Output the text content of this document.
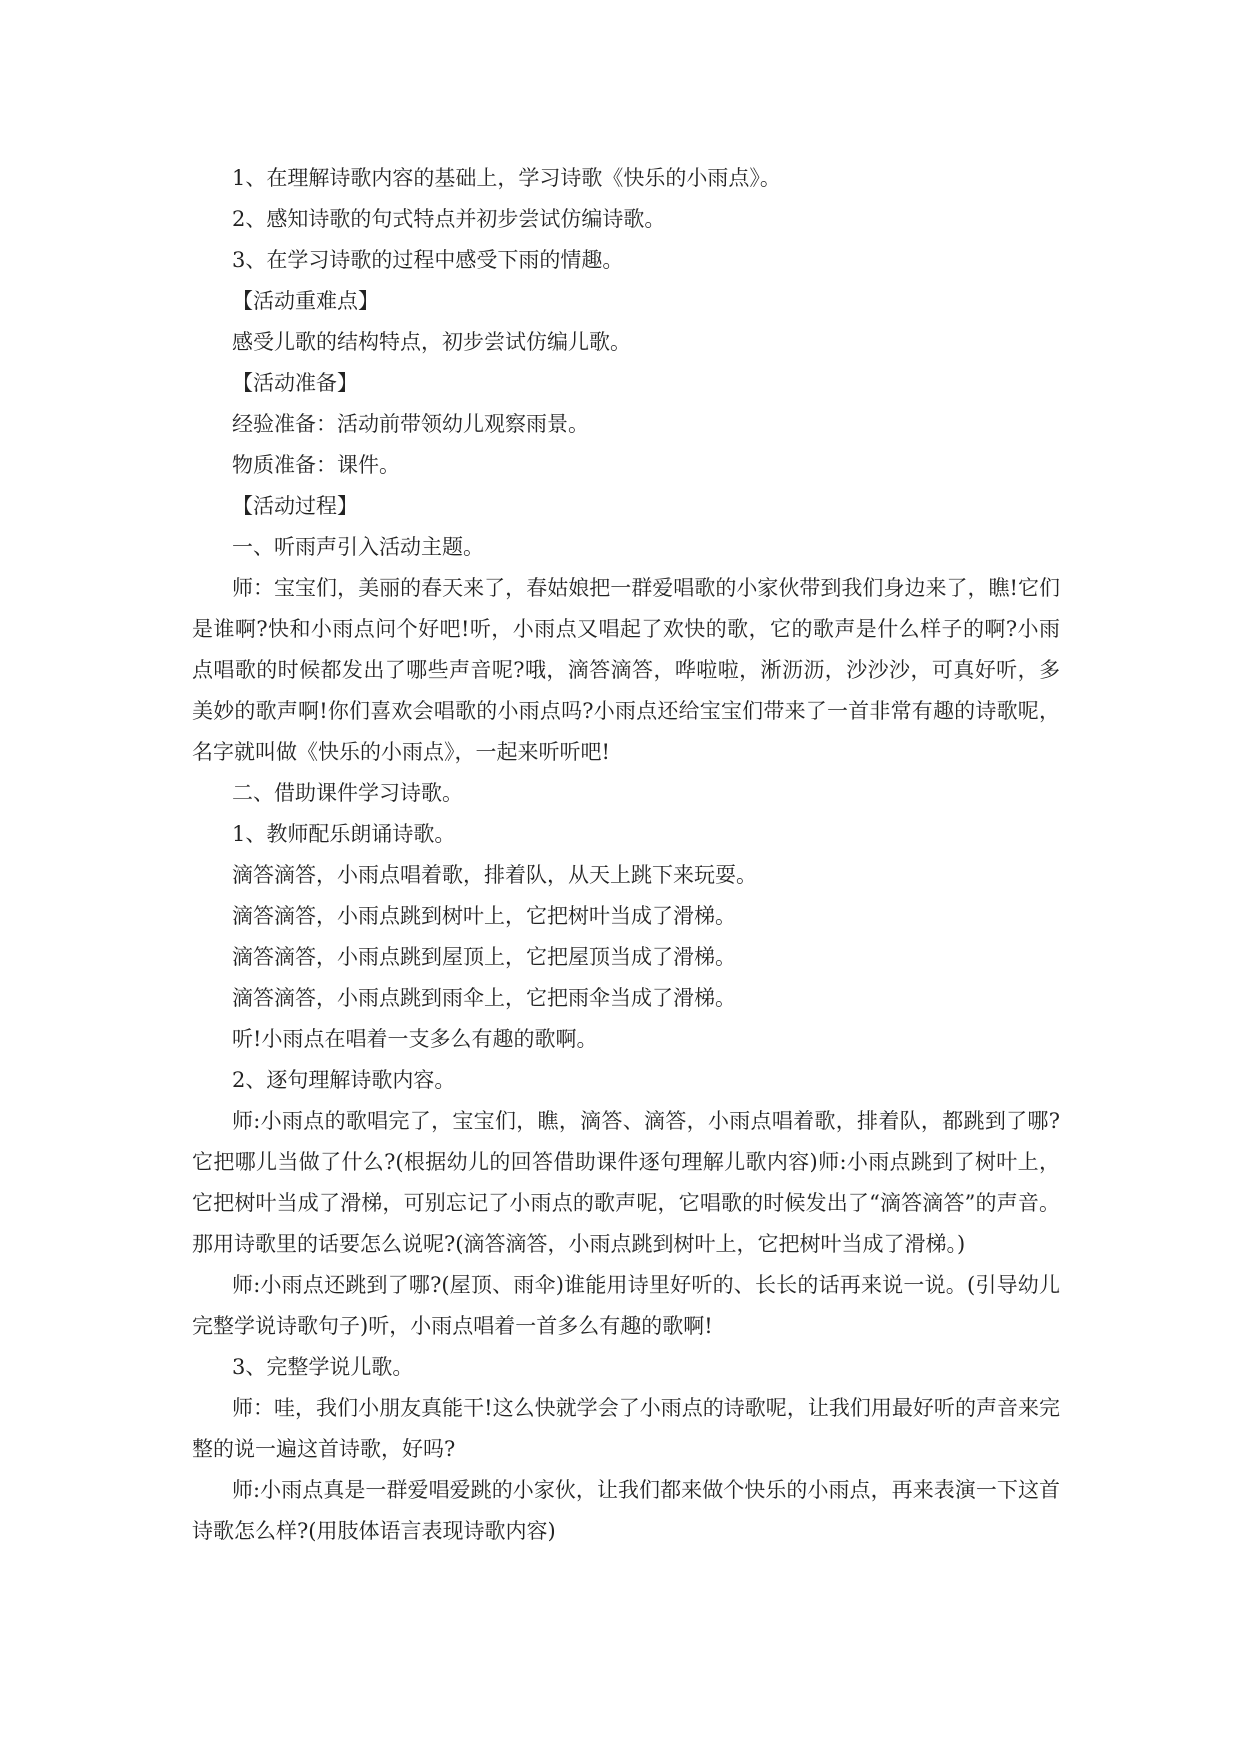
1、在理解诗歌内容的基础上，学习诗歌《快乐的小雨点》。

2、感知诗歌的句式特点并初步尝试仿编诗歌。

3、在学习诗歌的过程中感受下雨的情趣。

【活动重难点】

感受儿歌的结构特点，初步尝试仿编儿歌。

【活动准备】

经验准备：活动前带领幼儿观察雨景。

物质准备：课件。

【活动过程】

一、听雨声引入活动主题。

师：宝宝们，美丽的春天来了，春姑娘把一群爱唱歌的小家伙带到我们身边来了，瞧!它们是谁啊?快和小雨点问个好吧!听，小雨点又唱起了欢快的歌，它的歌声是什么样子的啊?小雨点唱歌的时候都发出了哪些声音呢?哦，滴答滴答，哗啦啦，淅沥沥，沙沙沙，可真好听，多美妙的歌声啊!你们喜欢会唱歌的小雨点吗?小雨点还给宝宝们带来了一首非常有趣的诗歌呢，名字就叫做《快乐的小雨点》，一起来听听吧!

二、借助课件学习诗歌。

1、教师配乐朗诵诗歌。

滴答滴答，小雨点唱着歌，排着队，从天上跳下来玩耍。

滴答滴答，小雨点跳到树叶上，它把树叶当成了滑梯。

滴答滴答，小雨点跳到屋顶上，它把屋顶当成了滑梯。

滴答滴答，小雨点跳到雨伞上，它把雨伞当成了滑梯。

听!小雨点在唱着一支多么有趣的歌啊。

2、逐句理解诗歌内容。

师:小雨点的歌唱完了，宝宝们，瞧，滴答、滴答，小雨点唱着歌，排着队，都跳到了哪?它把哪儿当做了什么?(根据幼儿的回答借助课件逐句理解儿歌内容)师:小雨点跳到了树叶上，它把树叶当成了滑梯，可别忘记了小雨点的歌声呢，它唱歌的时候发出了“滴答滴答”的声音。那用诗歌里的话要怎么说呢?(滴答滴答，小雨点跳到树叶上，它把树叶当成了滑梯。)

师:小雨点还跳到了哪?(屋顶、雨伞)谁能用诗里好听的、长长的话再来说一说。(引导幼儿完整学说诗歌句子)听，小雨点唱着一首多么有趣的歌啊!

3、完整学说儿歌。

师：哇，我们小朋友真能干!这么快就学会了小雨点的诗歌呢，让我们用最好听的声音来完整的说一遍这首诗歌，好吗?

师:小雨点真是一群爱唱爱跳的小家伙，让我们都来做个快乐的小雨点，再来表演一下这首诗歌怎么样?(用肢体语言表现诗歌内容)
